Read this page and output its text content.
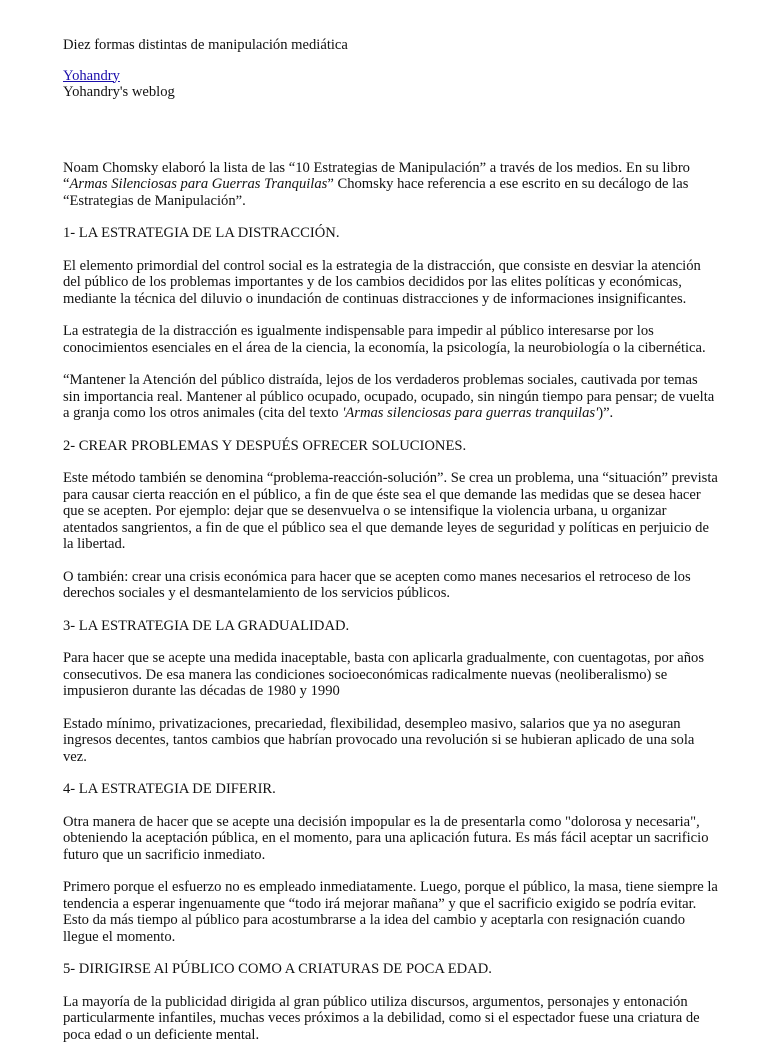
Diez formas distintas de manipulación mediática
Yohandry
Yohandry's weblog

Noam Chomsky elaboró la lista de las “10 Estrategias de Manipulación” a través de los medios. En su libro “Armas Silenciosas para Guerras Tranquilas” Chomsky hace referencia a ese escrito en su decálogo de las “Estrategias de Manipulación”.

1- LA ESTRATEGIA DE LA DISTRACCIÓN.

El elemento primordial del control social es la estrategia de la distracción, que consiste en desviar la atención del público de los problemas importantes y de los cambios decididos por las elites políticas y económicas, mediante la técnica del diluvio o inundación de continuas distracciones y de informaciones insignificantes.

La estrategia de la distracción es igualmente indispensable para impedir al público interesarse por los conocimientos esenciales en el área de la ciencia, la economía, la psicología, la neurobiología o la cibernética.

“Mantener la Atención del público distraída, lejos de los verdaderos problemas sociales, cautivada por temas sin importancia real. Mantener al público ocupado, ocupado, ocupado, sin ningún tiempo para pensar; de vuelta a granja como los otros animales (cita del texto 'Armas silenciosas para guerras tranquilas')”.

2- CREAR PROBLEMAS Y DESPUÉS OFRECER SOLUCIONES.

Este método también se denomina “problema-reacción-solución”. Se crea un problema, una “situación” prevista para causar cierta reacción en el público, a fin de que éste sea el que demande las medidas que se desea hacer que se acepten. Por ejemplo: dejar que se desenvuelva o se intensifique la violencia urbana, u organizar atentados sangrientos, a fin de que el público sea el que demande leyes de seguridad y políticas en perjuicio de la libertad.

O también: crear una crisis económica para hacer que se acepten como manes necesarios el retroceso de los derechos sociales y el desmantelamiento de los servicios públicos.

3- LA ESTRATEGIA DE LA GRADUALIDAD.

Para hacer que se acepte una medida inaceptable, basta con aplicarla gradualmente, con cuentagotas, por años consecutivos. De esa manera las condiciones socioeconómicas radicalmente nuevas (neoliberalismo) se impusieron durante las décadas de 1980 y 1990

Estado mínimo, privatizaciones, precariedad, flexibilidad, desempleo masivo, salarios que ya no aseguran ingresos decentes, tantos cambios que habrían provocado una revolución si se hubieran aplicado de una sola vez.

4- LA ESTRATEGIA DE DIFERIR.

Otra manera de hacer que se acepte una decisión impopular es la de presentarla como "dolorosa y necesaria", obteniendo la aceptación pública, en el momento, para una aplicación futura. Es más fácil aceptar un sacrificio futuro que un sacrificio inmediato.

Primero porque el esfuerzo no es empleado inmediatamente. Luego, porque el público, la masa, tiene siempre la tendencia a esperar ingenuamente que “todo irá mejorar mañana” y que el sacrificio exigido se podría evitar. Esto da más tiempo al público para acostumbrarse a la idea del cambio y aceptarla con resignación cuando llegue el momento.

5- DIRIGIRSE Al PÚBLICO COMO A CRIATURAS DE POCA EDAD.

La mayoría de la publicidad dirigida al gran público utiliza discursos, argumentos, personajes y entonación particularmente infantiles, muchas veces próximos a la debilidad, como si el espectador fuese una criatura de poca edad o un deficiente mental.
